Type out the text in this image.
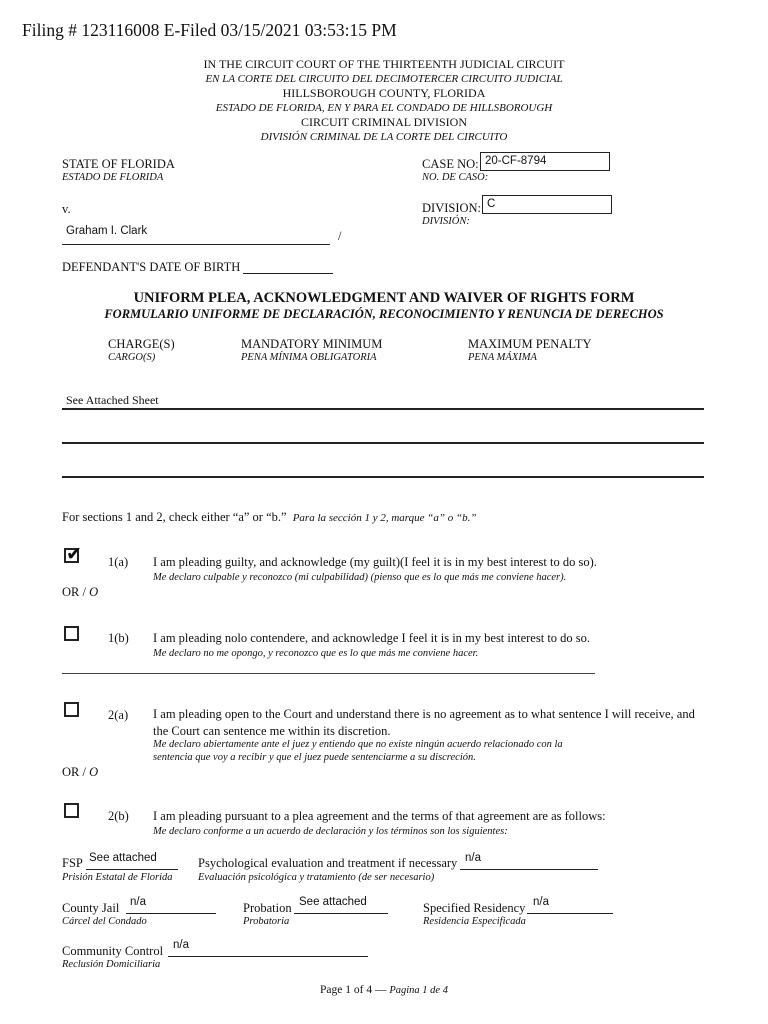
Filing # 123116008 E-Filed 03/15/2021 03:53:15 PM
IN THE CIRCUIT COURT OF THE THIRTEENTH JUDICIAL CIRCUIT
EN LA CORTE DEL CIRCUITO DEL DECIMOTERCER CIRCUITO JUDICIAL
HILLSBOROUGH COUNTY, FLORIDA
ESTADO DE FLORIDA, EN Y PARA EL CONDADO DE HILLSBOROUGH
CIRCUIT CRIMINAL DIVISION
DIVISIÓN CRIMINAL DE LA CORTE DEL CIRCUITO
STATE OF FLORIDA
ESTADO DE FLORIDA
v.
Graham I. Clark	/
DEFENDANT'S DATE OF BIRTH
CASE NO:
NO. DE CASO:
20-CF-8794
DIVISION:
DIVISIÓN:
C
UNIFORM PLEA, ACKNOWLEDGMENT AND WAIVER OF RIGHTS FORM
FORMULARIO UNIFORME DE DECLARACIÓN, RECONOCIMIENTO Y RENUNCIA DE DERECHOS
CHARGE(S)
CARGO(S)
MANDATORY MINIMUM
PENA MÍNIMA OBLIGATORIA
MAXIMUM PENALTY
PENA MÁXIMA
See Attached Sheet
For sections 1 and 2, check either “a” or “b.” Para la sección 1 y 2, marque “a” o “b.”
✔ 1(a) I am pleading guilty, and acknowledge (my guilt)(I feel it is in my best interest to do so).
Me declaro culpable y reconozco (mi culpabilidad) (pienso que es lo que más me conviene hacer).
OR / O
1(b) I am pleading nolo contendere, and acknowledge I feel it is in my best interest to do so.
Me declaro no me opongo, y reconozco que es lo que más me conviene hacer.
2(a) I am pleading open to the Court and understand there is no agreement as to what sentence I will receive, and
the Court can sentence me within its discretion.
Me declaro abiertamente ante el juez y entiendo que no existe ningún acuerdo relacionado con la
sentencia que voy a recibir y que el juez puede sentenciarme a su discreción.
OR / O
2(b) I am pleading pursuant to a plea agreement and the terms of that agreement are as follows:
Me declaro conforme a un acuerdo de declaración y los términos son los siguientes:
FSP See attached
Prisión Estatal de Florida
Psychological evaluation and treatment if necessary n/a
Evaluación psicológica y tratamiento (de ser necesario)
County Jail n/a
Cárcel del Condado
Probation See attached
Probatoria
Specified Residency n/a
Residencia Especificada
Community Control n/a
Reclusión Domiciliaria
Page 1 of 4 — Pagina 1 de 4
